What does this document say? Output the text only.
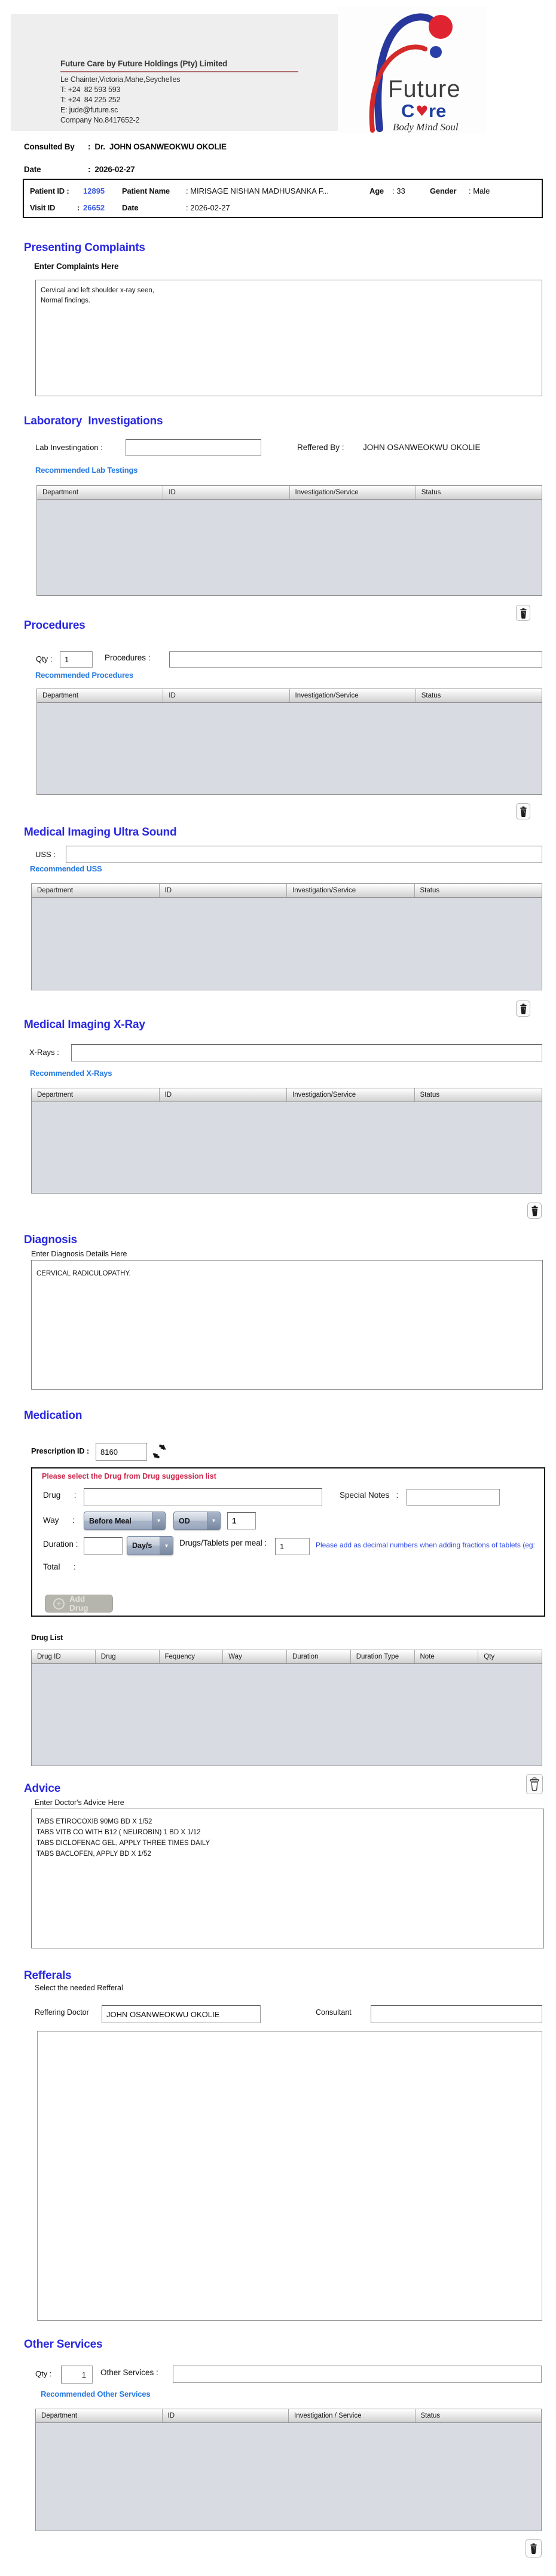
Future Care by Future Holdings (Pty) Limited
Le Chainter,Victoria,Mahe,Seychelles
T: +24  82 593 593
T: +24  84 225 252
E: jude@future.sc
Company No.8417652-2
Future
C ♥ re
Body Mind Soul
Consulted By :  Dr.  JOHN OSANWEOKWU OKOLIE
Date	:  2026-02-27
Patient ID : 12895 Patient Name : MIRISAGE NISHAN MADHUSANKA F...	Age : 33	Gender : Male
Visit ID	: 26652 Date	: 2026-02-27
Presenting Complaints
Enter Complaints Here
Cervical and left shoulder x-ray seen,
Normal findings.
Laboratory  Investigations
Lab Investingation :	Reffered By : JOHN OSANWEOKWU OKOLIE
Recommended Lab Testings
Department	ID	Investigation/Service	Status
Procedures
Qty :
1	Procedures :
Recommended Procedures
Department	ID	Investigation/Service	Status
Medical Imaging Ultra Sound
USS :
Recommended USS
Department	ID	Investigation/Service	Status
Medical Imaging X-Ray
X-Rays :
Recommended X-Rays
Department	ID	Investigation/Service	Status
Diagnosis
Enter Diagnosis Details Here
CERVICAL RADICULOPATHY.
Medication
Prescription ID :
8160
Please select the Drug from Drug suggession list
Drug      :	Special Notes   :
Way      : Before Meal	▼	OD	▼
1
Duration :	Day/s	▼	Drugs/Tablets per meal :
1	Please add as decimal numbers when adding fractions of tablets (eg:
Total      :
+	Add Drug
Drug List
Drug ID	Drug	Fequency	Way	Duration	Duration Type	Note	Qty
Advice
Enter Doctor's Advice Here
TABS ETIROCOXIB 90MG BD X 1/52
TABS VITB CO WITH B12 ( NEUROBIN) 1 BD X 1/12
TABS DICLOFENAC GEL, APPLY THREE TIMES DAILY
TABS BACLOFEN, APPLY BD X 1/52
Refferals
Select the needed Refferal
Reffering Doctor
JOHN OSANWEOKWU OKOLIE	Consultant
Other Services
Qty :
1	Other Services :
Recommended Other Services
Department	ID	Investigation / Service	Status
